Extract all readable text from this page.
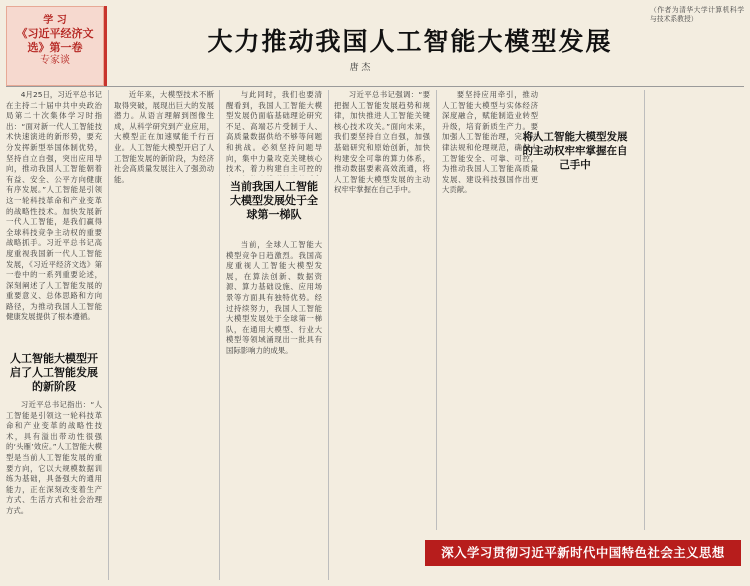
学 习
《习近平经济文选》第一卷
专家谈
大力推动我国人工智能大模型发展
唐 杰

4月25日，习近平总书记在主持二十届中共中央政治局第二十次集体学习时指出：“面对新一代人工智能技术快速演进的新形势，要充分发挥新型举国体制优势，坚持自立自强，突出应用导向，推动我国人工智能朝着有益、安全、公平方向健康有序发展。”人工智能是引领这一轮科技革命和产业变革的战略性技术。加快发展新一代人工智能，是我们赢得全球科技竞争主动权的重要战略抓手。习近平总书记高度重视我国新一代人工智能发展，《习近平经济文选》第一卷中的一系列重要论述，深刻阐述了人工智能发展的重要意义、总体思路和方向路径，为推动我国人工智能健康发展提供了根本遵循。

人工智能大模型开启了人工智能发展的新阶段

习近平总书记指出：“人工智能是引领这一轮科技革命和产业变革的战略性技术，具有溢出带动性很强的‘头雁’效应。”人工智能大模型是当前人工智能发展的重要方向，它以大规模数据训练为基础，具备强大的通用能力，正在深刻改变着生产方式、生活方式和社会治理方式。

近年来，大模型技术不断取得突破，展现出巨大的发展潜力。从语言理解到图像生成，从科学研究到产业应用，大模型正在加速赋能千行百业。人工智能大模型开启了人工智能发展的新阶段，为经济社会高质量发展注入了强劲动能。

当前我国人工智能大模型发展处于全球第一梯队

当前，全球人工智能大模型竞争日趋激烈。我国高度重视人工智能大模型发展，在算法创新、数据资源、算力基础设施、应用场景等方面具有独特优势。经过持续努力，我国人工智能大模型发展处于全球第一梯队，在通用大模型、行业大模型等领域涌现出一批具有国际影响力的成果。

与此同时，我们也要清醒看到，我国人工智能大模型发展仍面临基础理论研究不足、高端芯片受制于人、高质量数据供给不够等问题和挑战。必须坚持问题导向，集中力量攻克关键核心技术，着力构建自主可控的

习近平总书记强调：“要把握人工智能发展趋势和规律，加快推进人工智能关键核心技术攻关。”面向未来，我们要坚持自立自强，加强基础研究和原始创新，加快构建安全可靠的算力体系，推动数据要素高效流通，将人工智能大模型发展的主动权牢牢掌握在自己手中。

将人工智能大模型发展的主动权牢牢掌握在自己手中

要坚持应用牵引，推动人工智能大模型与实体经济深度融合，赋能制造业转型升级，培育新质生产力。要加强人工智能治理，完善法律法规和伦理规范，确保人工智能安全、可靠、可控，为推动我国人工智能高质量发展、建设科技强国作出更大贡献。

（作者为清华大学计算机科学与技术系教授）
深入学习贯彻习近平新时代中国特色社会主义思想
